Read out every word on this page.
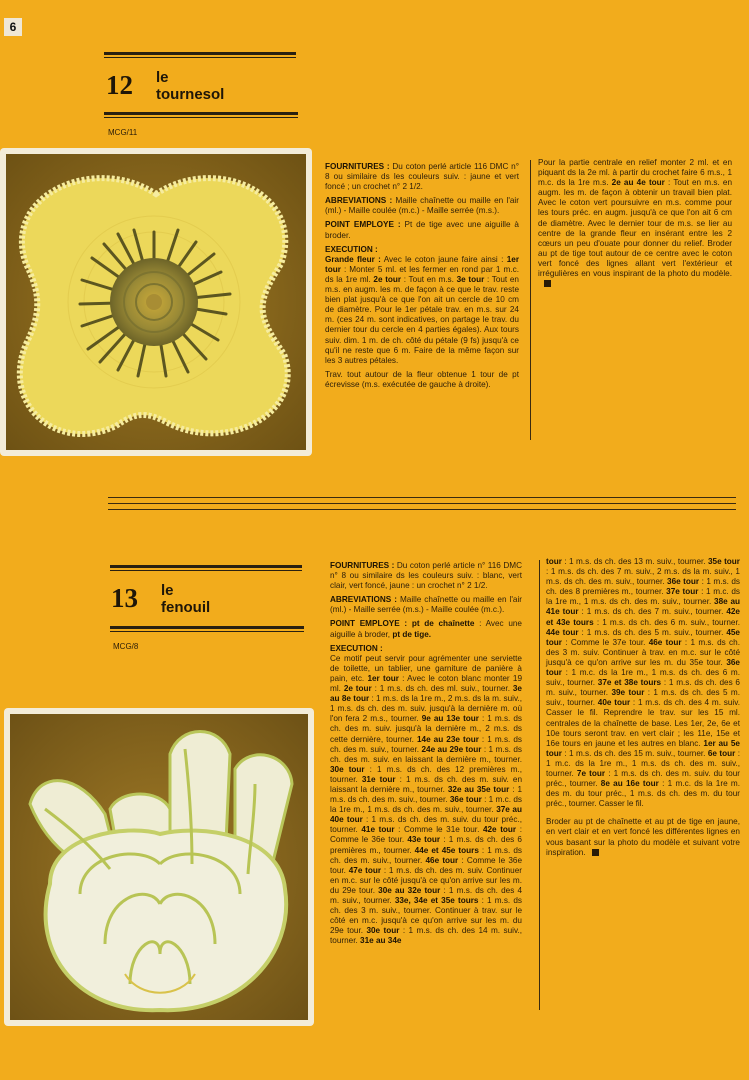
6
12 le
tournesol
MCG/11

FOURNITURES : Du coton perlé article 116 DMC n° 8 ou similaire ds les couleurs suiv. : jaune et vert foncé ; un crochet n° 2 1/2.

ABREVIATIONS : Maille chaînette ou maille en l'air (ml.) - Maille coulée (m.c.) - Maille serrée (m.s.).

POINT EMPLOYE : Pt de tige avec une aiguille à broder.

EXECUTION :

Grande fleur : Avec le coton jaune faire ainsi : 1er tour : Monter 5 ml. et les fermer en rond par 1 m.c. ds la 1re ml. 2e tour : Tout en m.s. 3e tour : Tout en m.s. en augm. les m. de façon à ce que le trav. reste bien plat jusqu'à ce que l'on ait un cercle de 10 cm de diamètre. Pour le 1er pétale trav. en m.s. sur 24 m. (ces 24 m. sont indicatives, on partage le trav. du dernier tour du cercle en 4 parties égales). Aux tours suiv. dim. 1 m. de ch. côté du pétale (9 fs) jusqu'à ce qu'il ne reste que 6 m. Faire de la même façon sur les 3 autres pétales.

Trav. tout autour de la fleur obtenue 1 tour de pt écrevisse (m.s. exécutée de gauche à droite).

Pour la partie centrale en relief monter 2 ml. et en piquant ds la 2e ml. à partir du crochet faire 6 m.s., 1 m.c. ds la 1re m.s. 2e au 4e tour : Tout en m.s. en augm. les m. de façon à obtenir un travail bien plat. Avec le coton vert poursuivre en m.s. comme pour les tours préc. en augm. jusqu'à ce que l'on ait 6 cm de diamètre. Avec le dernier tour de m.s. se lier au centre de la grande fleur en insérant entre les 2 cœurs un peu d'ouate pour donner du relief. Broder au pt de tige tout autour de ce centre avec le coton vert foncé des lignes allant vert l'extérieur et irrégulières en vous inspirant de la photo du modèle.

13 le
fenouil
MCG/8

FOURNITURES : Du coton perlé article n° 116 DMC n° 8 ou similaire ds les couleurs suiv. : blanc, vert clair, vert foncé, jaune : un crochet n° 2 1/2.

ABREVIATIONS : Maille chaînette ou maille en l'air (ml.) - Maille serrée (m.s.) - Maille coulée (m.c.).

POINT EMPLOYE : pt de chaînette : Avec une aiguille à broder, pt de tige.

EXECUTION :

Ce motif peut servir pour agrémenter une serviette de toilette, un tablier, une garniture de panière à pain, etc. 1er tour : Avec le coton blanc monter 19 ml. 2e tour : 1 m.s. ds ch. des ml. suiv., tourner. 3e au 8e tour : 1 m.s. ds la 1re m., 2 m.s. ds la m. suiv., 1 m.s. ds ch. des m. suiv. jusqu'à la dernière m. où l'on fera 2 m.s., tourner. 9e au 13e tour : 1 m.s. ds ch. des m. suiv. jusqu'à la dernière m., 2 m.s. ds cette dernière, tourner. 14e au 23e tour : 1 m.s. ds ch. des m. suiv., tourner. 24e au 29e tour : 1 m.s. ds ch. des m. suiv. en laissant la dernière m., tourner. 30e tour : 1 m.s. ds ch. des 12 premières m., tourner. 31e tour : 1 m.s. ds ch. des m. suiv. en laissant la dernière m., tourner. 32e au 35e tour : 1 m.s. ds ch. des m. suiv., tourner. 36e tour : 1 m.c. ds la 1re m., 1 m.s. ds ch. des m. suiv., tourner. 37e au 40e tour : 1 m.s. ds ch. des m. suiv. du tour préc., tourner. 41e tour : Comme le 31e tour. 42e tour : Comme le 36e tour. 43e tour : 1 m.s. ds ch. des 6 premières m., tourner. 44e et 45e tours : 1 m.s. ds ch. des m. suiv., tourner. 46e tour : Comme le 36e tour. 47e tour : 1 m.s. ds ch. des m. suiv. Continuer en m.c. sur le côté jusqu'à ce qu'on arrive sur les m. du 29e tour. 30e au 32e tour : 1 m.s. ds ch. des 4 m. suiv., tourner. 33e, 34e et 35e tours : 1 m.s. ds ch. des 3 m. suiv., tourner. Continuer à trav. sur le côté en m.c. jusqu'à ce qu'on arrive sur les m. du 29e tour. 30e tour : 1 m.s. ds ch. des 14 m. suiv., tourner. 31e au 34e

tour : 1 m.s. ds ch. des 13 m. suiv., tourner. 35e tour : 1 m.s. ds ch. des 7 m. suiv., 2 m.s. ds la m. suiv., 1 m.s. ds ch. des m. suiv., tourner. 36e tour : 1 m.s. ds ch. des 8 premières m., tourner. 37e tour : 1 m.c. ds la 1re m., 1 m.s. ds ch. des m. suiv., tourner. 38e au 41e tour : 1 m.s. ds ch. des 7 m. suiv., tourner. 42e et 43e tours : 1 m.s. ds ch. des 6 m. suiv., tourner. 44e tour : 1 m.s. ds ch. des 5 m. suiv., tourner. 45e tour : Comme le 37e tour. 46e tour : 1 m.s. ds ch. des 3 m. suiv. Continuer à trav. en m.c. sur le côté jusqu'à ce qu'on arrive sur les m. du 35e tour. 36e tour : 1 m.c. ds la 1re m., 1 m.s. ds ch. des 6 m. suiv., tourner. 37e et 38e tours : 1 m.s. ds ch. des 6 m. suiv., tourner. 39e tour : 1 m.s. ds ch. des 5 m. suiv., tourner. 40e tour : 1 m.s. ds ch. des 4 m. suiv. Casser le fil. Reprendre le trav. sur les 15 ml. centrales de la chaînette de base. Les 1er, 2e, 6e et 10e tours seront trav. en vert clair ; les 11e, 15e et 16e tours en jaune et les autres en blanc. 1er au 5e tour : 1 m.s. ds ch. des 15 m. suiv., tourner. 6e tour : 1 m.c. ds la 1re m., 1 m.s. ds ch. des m. suiv., tourner. 7e tour : 1 m.s. ds ch. des m. suiv. du tour préc., tourner. 8e au 16e tour : 1 m.c. ds la 1re m. des m. du tour préc., 1 m.s. ds ch. des m. du tour préc., tourner. Casser le fil.

Broder au pt de chaînette et au pt de tige en jaune, en vert clair et en vert foncé les différentes lignes en vous basant sur la photo du modèle et suivant votre inspiration.
